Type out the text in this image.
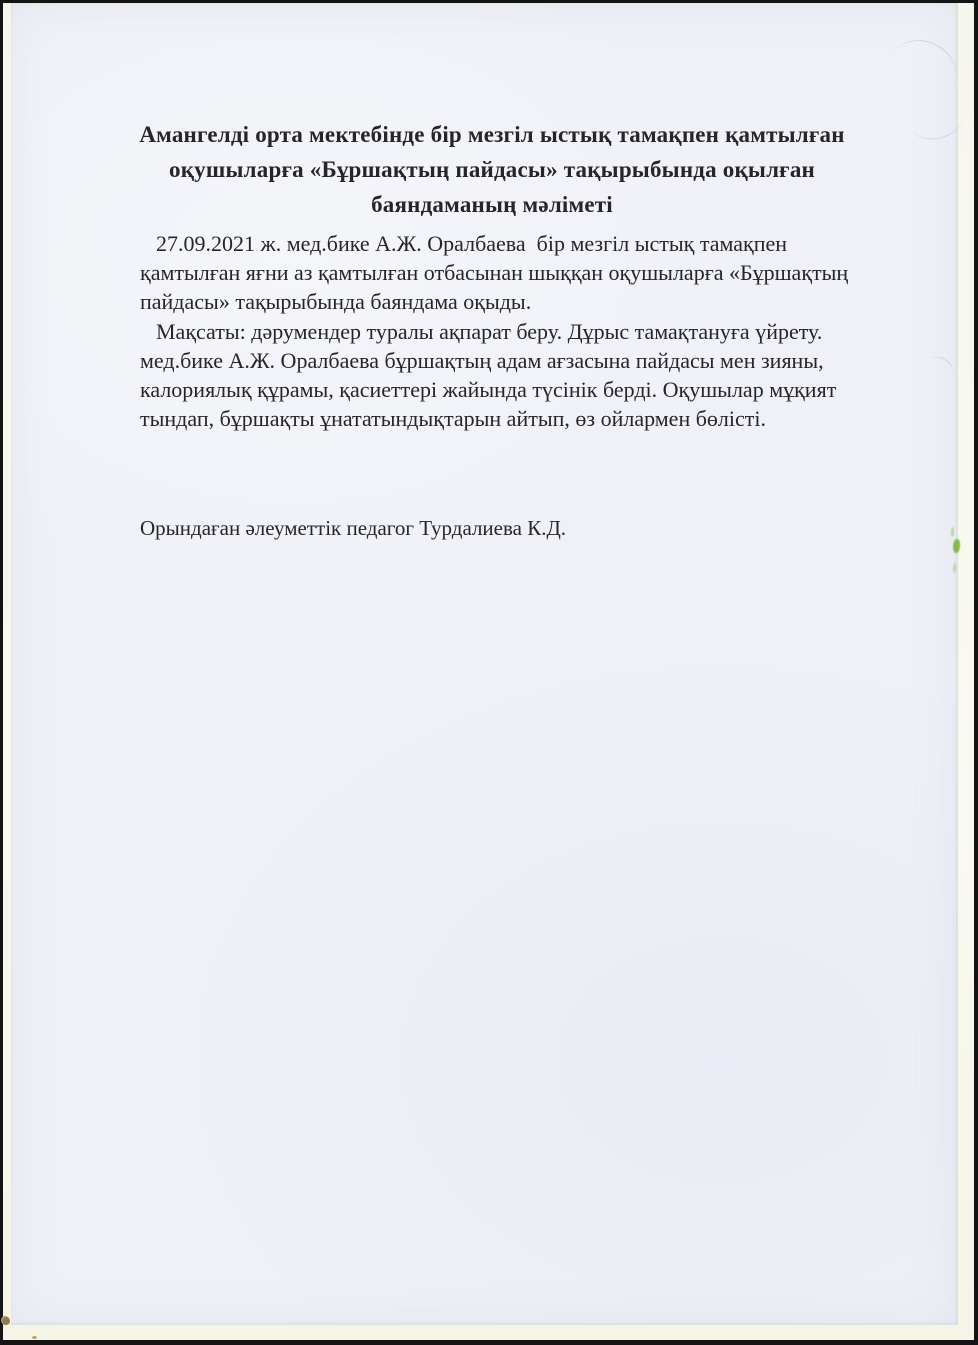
Амангелді орта мектебінде бір мезгіл ыстық тамақпен қамтылған
оқушыларға «Бұршақтың пайдасы» тақырыбында оқылған
баяндаманың мәліметі
27.09.2021 ж. мед.бике А.Ж. Оралбаева  бір мезгіл ыстық тамақпен
қамтылған яғни аз қамтылған отбасынан шыққан оқушыларға «Бұршақтың
пайдасы» тақырыбында баяндама оқыды.
Мақсаты: дәрумендер туралы ақпарат беру. Дұрыс тамақтануға үйрету.
мед.бике А.Ж. Оралбаева бұршақтың адам ағзасына пайдасы мен зияны,
калориялық құрамы, қасиеттері жайында түсінік берді. Оқушылар мұқият
тындап, бұршақты ұнататындықтарын айтып, өз ойлармен бөлісті.
Орындаған әлеуметтік педагог Турдалиева К.Д.
